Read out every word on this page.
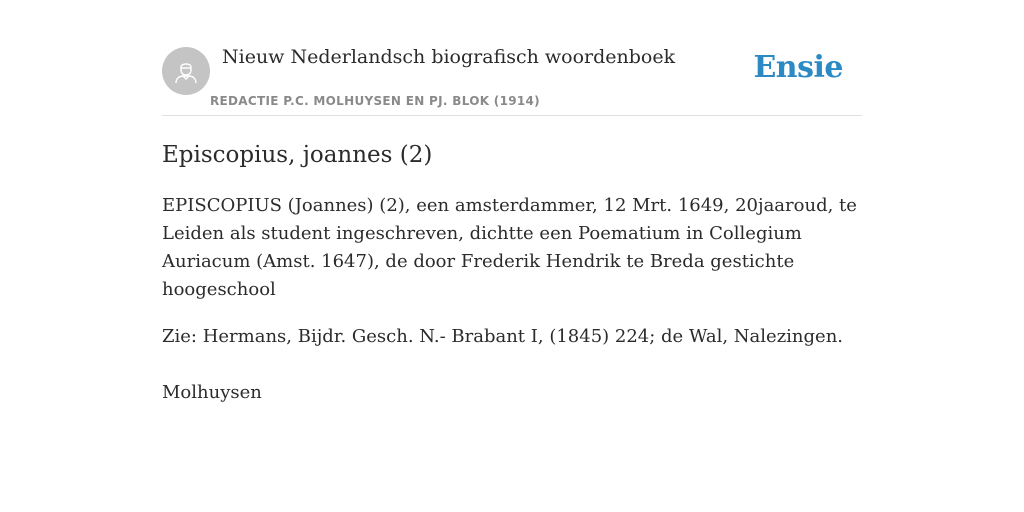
Nieuw Nederlandsch biografisch woordenboek
REDACTIE P.C. MOLHUYSEN EN PJ. BLOK (1914)
Ensie
Episcopius, joannes (2)

EPISCOPIUS (Joannes) (2), een amsterdammer, 12 Mrt. 1649, 20jaaroud, te Leiden als student ingeschreven, dichtte een Poematium in Collegium Auriacum (Amst. 1647), de door Frederik Hendrik te Breda gestichte hoogeschool

Zie: Hermans, Bijdr. Gesch. N.- Brabant I, (1845) 224; de Wal, Nalezingen.

Molhuysen
